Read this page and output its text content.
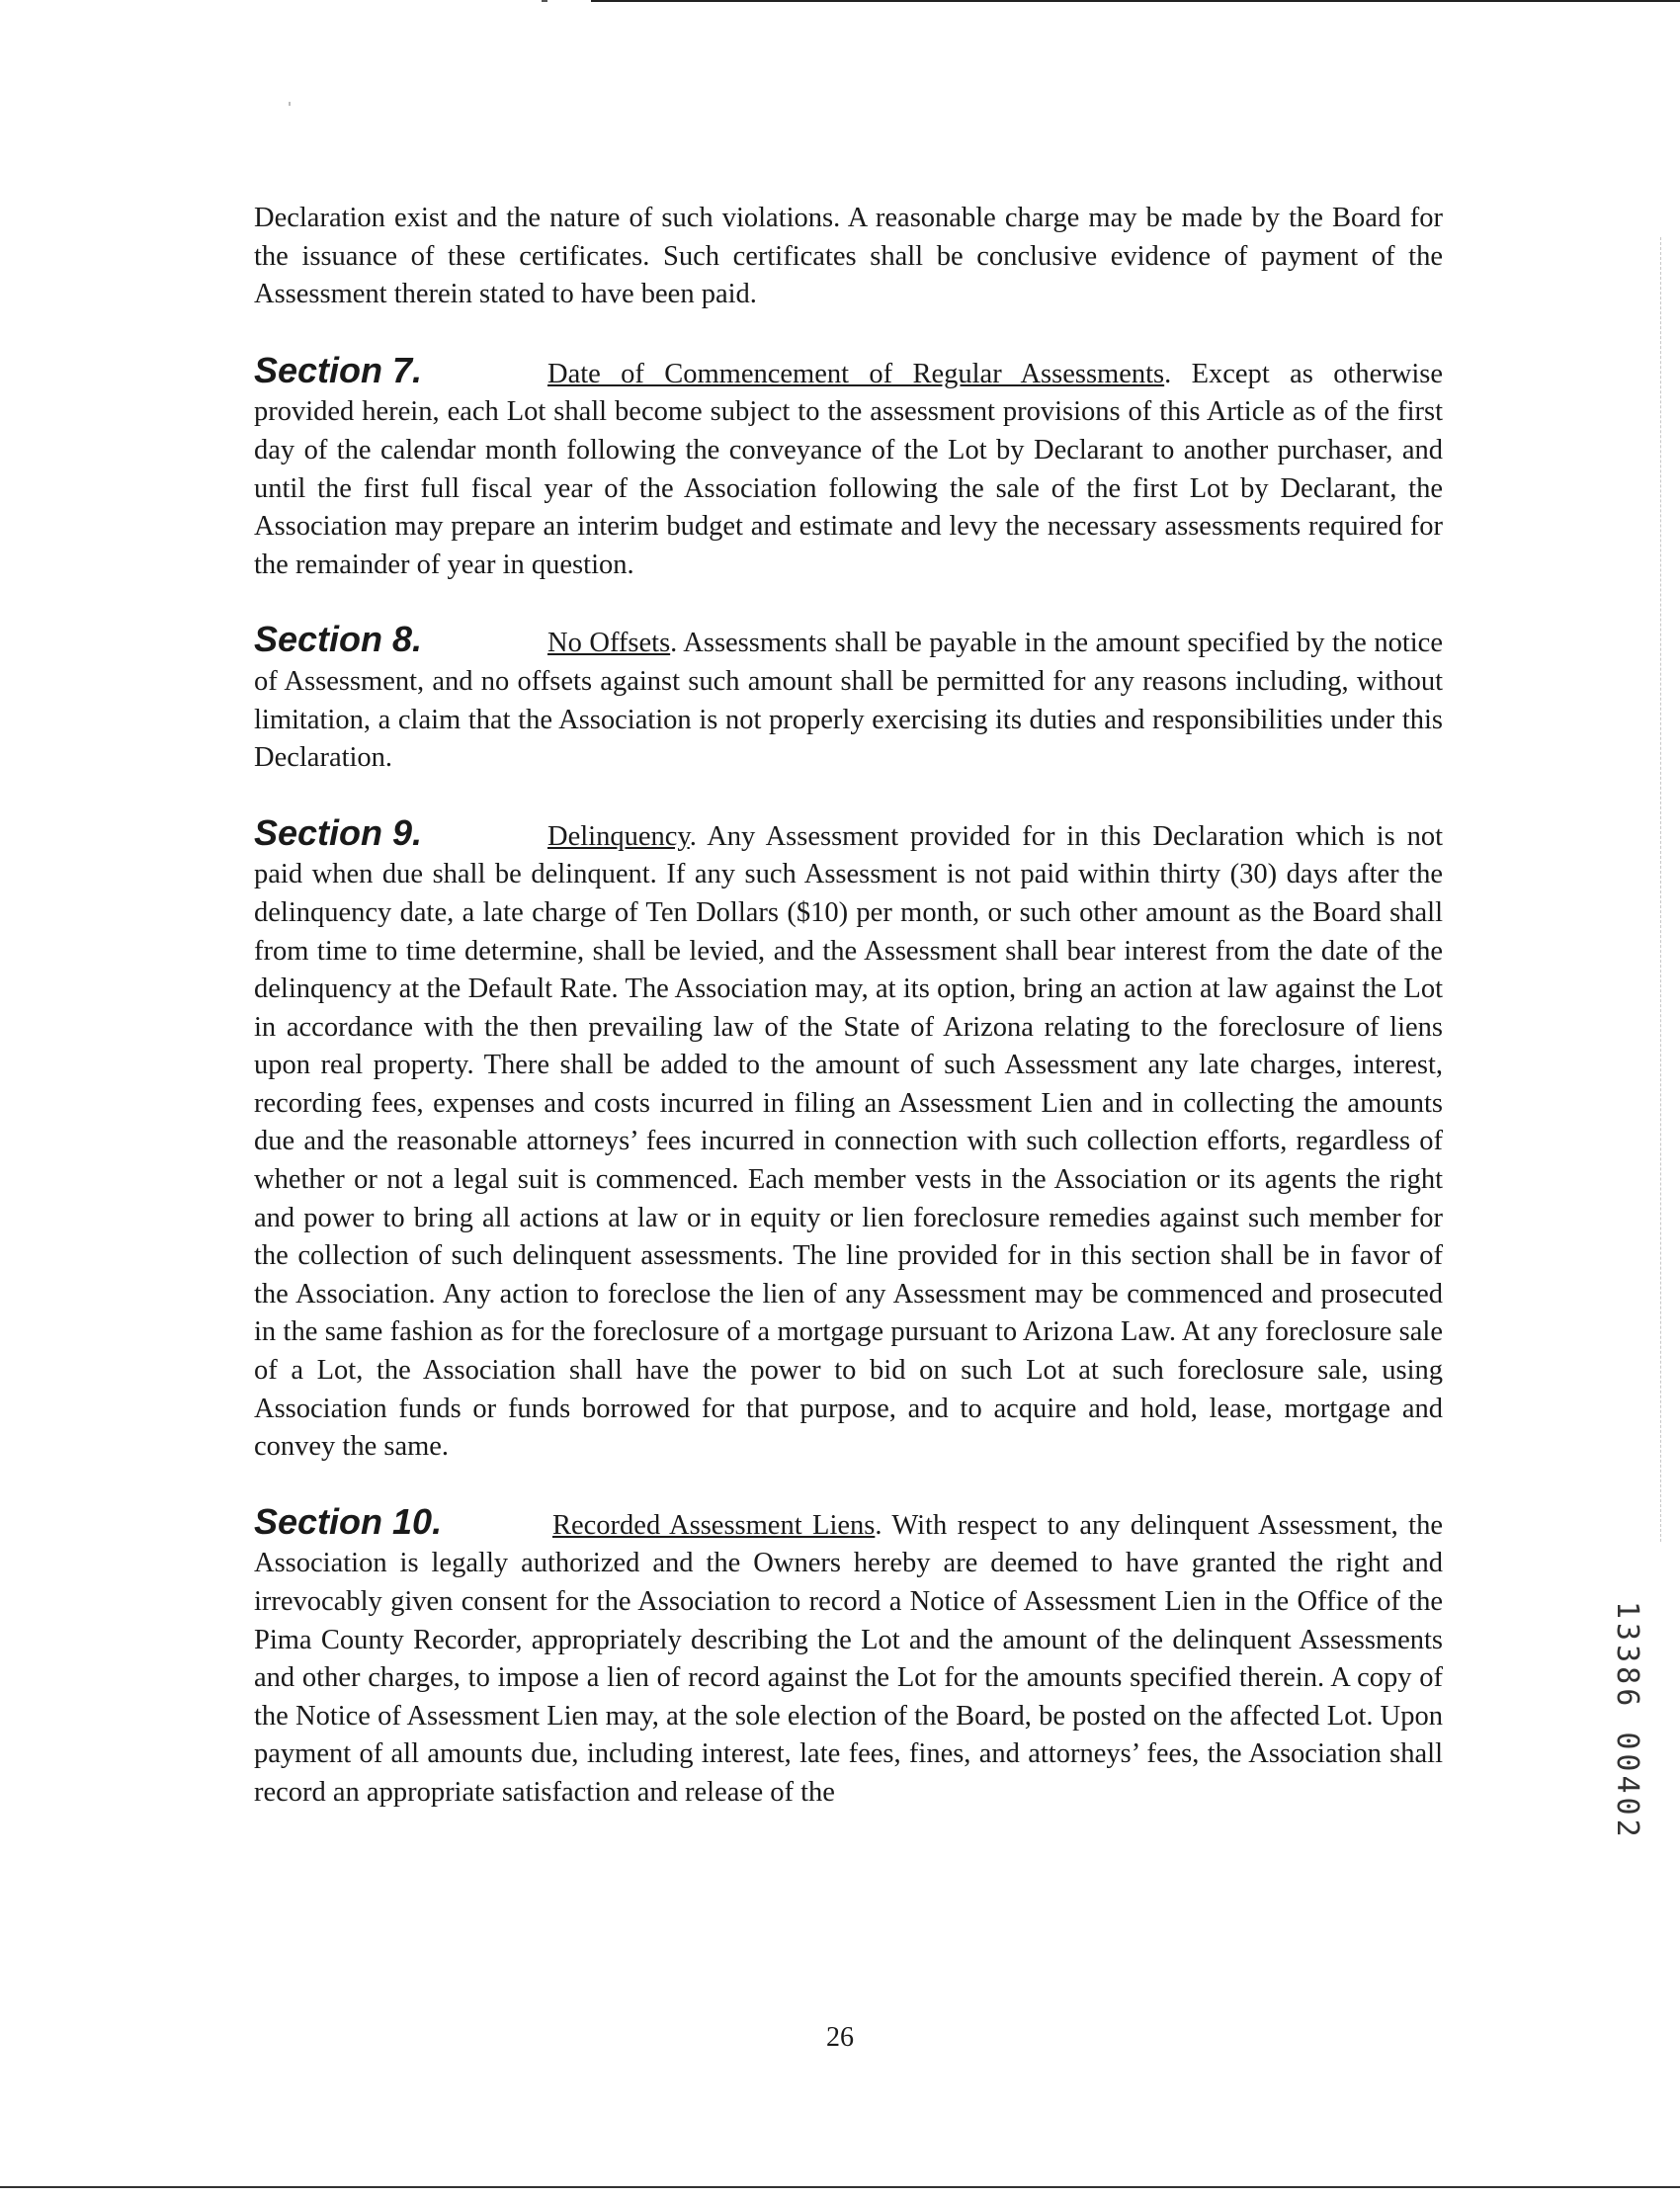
Declaration exist and the nature of such violations. A reasonable charge may be made by the Board for the issuance of these certificates. Such certificates shall be conclusive evidence of payment of the Assessment therein stated to have been paid.

Section 7.	Date of Commencement of Regular Assessments. Except as otherwise provided herein, each Lot shall become subject to the assessment provisions of this Article as of the first day of the calendar month following the conveyance of the Lot by Declarant to another purchaser, and until the first full fiscal year of the Association following the sale of the first Lot by Declarant, the Association may prepare an interim budget and estimate and levy the necessary assessments required for the remainder of year in question.

Section 8.	No Offsets. Assessments shall be payable in the amount specified by the notice of Assessment, and no offsets against such amount shall be permitted for any reasons including, without limitation, a claim that the Association is not properly exercising its duties and responsibilities under this Declaration.

Section 9.	Delinquency. Any Assessment provided for in this Declaration which is not paid when due shall be delinquent. If any such Assessment is not paid within thirty (30) days after the delinquency date, a late charge of Ten Dollars ($10) per month, or such other amount as the Board shall from time to time determine, shall be levied, and the Assessment shall bear interest from the date of the delinquency at the Default Rate. The Association may, at its option, bring an action at law against the Lot in accordance with the then prevailing law of the State of Arizona relating to the foreclosure of liens upon real property. There shall be added to the amount of such Assessment any late charges, interest, recording fees, expenses and costs incurred in filing an Assessment Lien and in collecting the amounts due and the reasonable attorneys’ fees incurred in connection with such collection efforts, regardless of whether or not a legal suit is commenced. Each member vests in the Association or its agents the right and power to bring all actions at law or in equity or lien foreclosure remedies against such member for the collection of such delinquent assessments. The line provided for in this section shall be in favor of the Association. Any action to foreclose the lien of any Assessment may be commenced and prosecuted in the same fashion as for the foreclosure of a mortgage pursuant to Arizona Law. At any foreclosure sale of a Lot, the Association shall have the power to bid on such Lot at such foreclosure sale, using Association funds or funds borrowed for that purpose, and to acquire and hold, lease, mortgage and convey the same.

Section 10.	Recorded Assessment Liens. With respect to any delinquent Assessment, the Association is legally authorized and the Owners hereby are deemed to have granted the right and irrevocably given consent for the Association to record a Notice of Assessment Lien in the Office of the Pima County Recorder, appropriately describing the Lot and the amount of the delinquent Assessments and other charges, to impose a lien of record against the Lot for the amounts specified therein. A copy of the Notice of Assessment Lien may, at the sole election of the Board, be posted on the affected Lot. Upon payment of all amounts due, including interest, late fees, fines, and attorneys’ fees, the Association shall record an appropriate satisfaction and release of the

26
13386 00402
